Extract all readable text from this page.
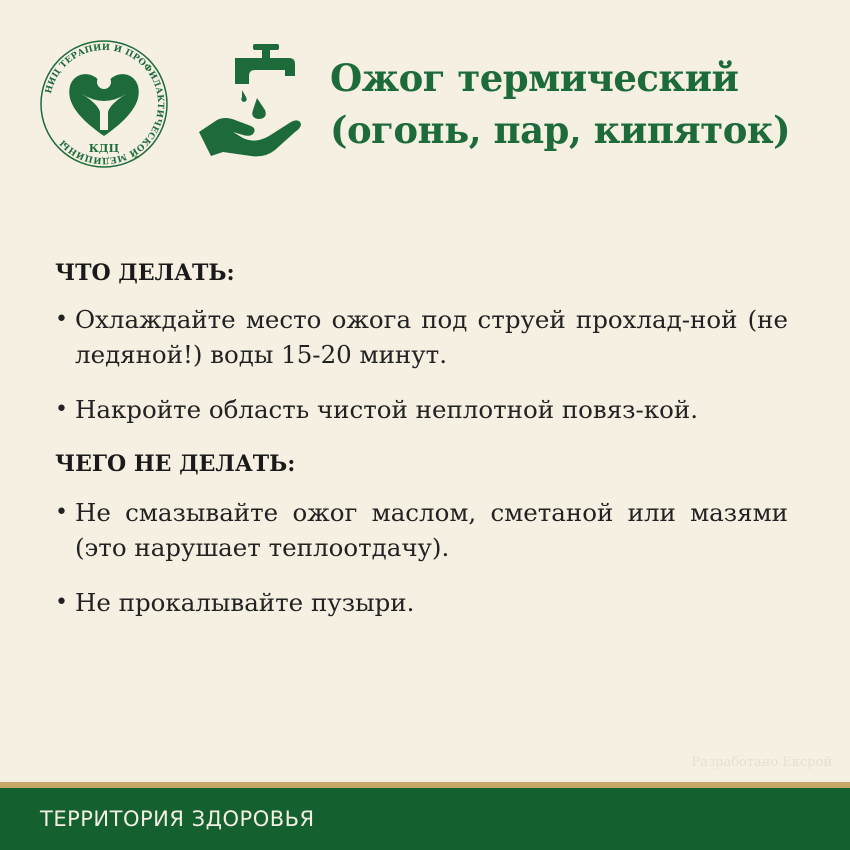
НИЦ ТЕРАПИИ И ПРОФИЛАКТИЧЕСКОЙ МЕДИЦИНЫ	КДЦ
Ожог термический
(огонь, пар, кипяток)
ЧТО ДЕЛАТЬ:
• Охлаждайте место ожога под струей прохлад-ной (не ледяной!) воды 15-20 минут.
• Накройте область чистой неплотной повяз-кой.
ЧЕГО НЕ ДЕЛАТЬ:
• Не смазывайте ожог маслом, сметаной или мазями (это нарушает теплоотдачу).
• Не прокалывайте пузыри.
Разработано Ексрой
ТЕРРИТОРИЯ ЗДОРОВЬЯ
